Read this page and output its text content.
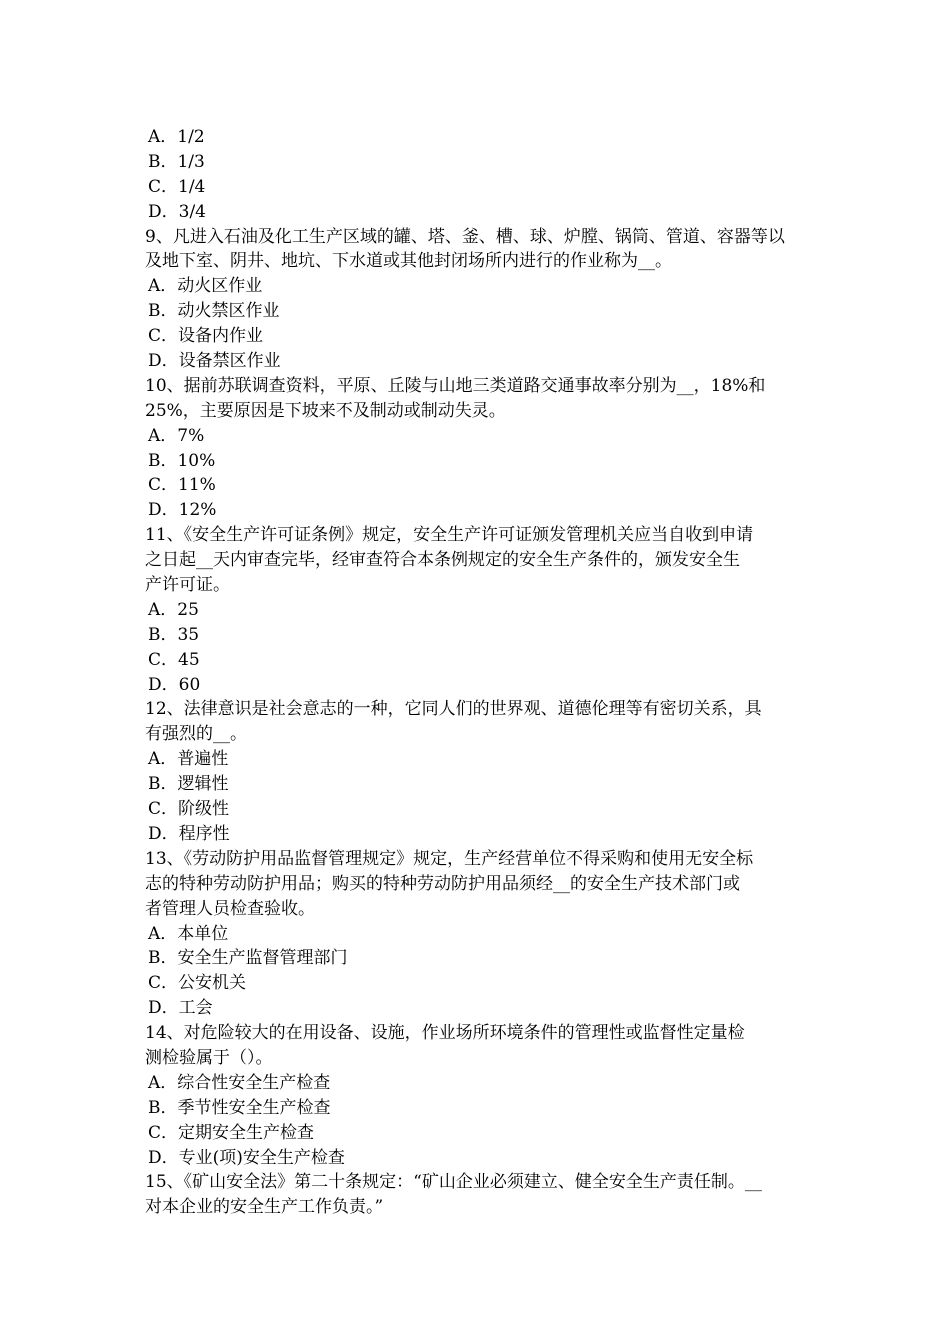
A．1/2
B．1/3
C．1/4
D．3/4
9、凡进入石油及化工生产区域的罐、塔、釜、槽、球、炉膛、锅筒、管道、容器等以
及地下室、阴井、地坑、下水道或其他封闭场所内进行的作业称为__。
A．动火区作业
B．动火禁区作业
C．设备内作业
D．设备禁区作业
10、据前苏联调查资料，平原、丘陵与山地三类道路交通事故率分别为__，18%和
25%，主要原因是下坡来不及制动或制动失灵。
A．7%
B．10%
C．11%
D．12%
11、《安全生产许可证条例》规定，安全生产许可证颁发管理机关应当自收到申请
之日起__天内审查完毕，经审查符合本条例规定的安全生产条件的，颁发安全生
产许可证。
A．25
B．35
C．45
D．60
12、法律意识是社会意志的一种，它同人们的世界观、道德伦理等有密切关系，具
有强烈的__。
A．普遍性
B．逻辑性
C．阶级性
D．程序性
13、《劳动防护用品监督管理规定》规定，生产经营单位不得采购和使用无安全标
志的特种劳动防护用品；购买的特种劳动防护用品须经__的安全生产技术部门或
者管理人员检查验收。
A．本单位
B．安全生产监督管理部门
C．公安机关
D．工会
14、对危险较大的在用设备、设施，作业场所环境条件的管理性或监督性定量检
测检验属于（）。
A．综合性安全生产检查
B．季节性安全生产检查
C．定期安全生产检查
D．专业(项)安全生产检查
15、《矿山安全法》第二十条规定：“矿山企业必须建立、健全安全生产责任制。__
对本企业的安全生产工作负责。”
